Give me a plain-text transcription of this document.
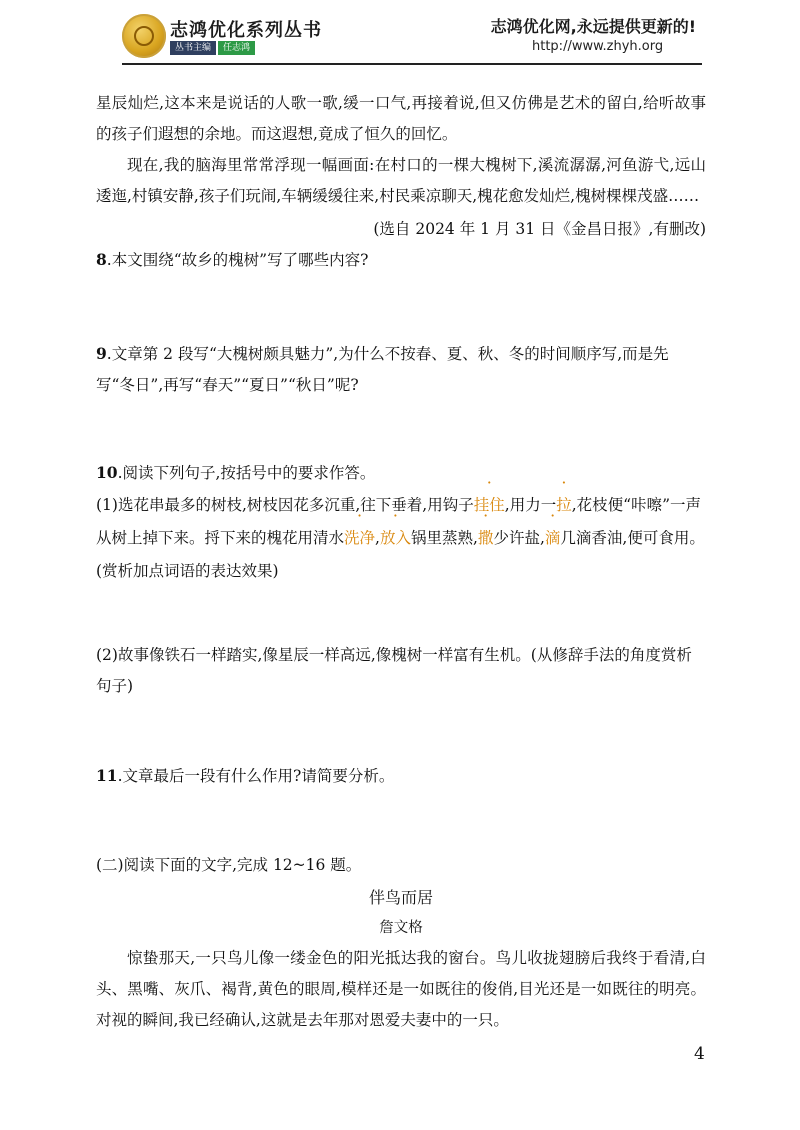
志鸿优化系列丛书
丛书主编 任志鸿
志鸿优化网,永远提供更新的!
http://www.zhyh.org

星辰灿烂,这本来是说话的人歌一歌,缓一口气,再接着说,但又仿佛是艺术的留白,给听故事的孩子们遐想的余地。而这遐想,竟成了恒久的回忆。

现在,我的脑海里常常浮现一幅画面:在村口的一棵大槐树下,溪流潺潺,河鱼游弋,远山逶迤,村镇安静,孩子们玩闹,车辆缓缓往来,村民乘凉聊天,槐花愈发灿烂,槐树棵棵茂盛……

(选自 2024 年 1 月 31 日《金昌日报》,有删改)

8.本文围绕“故乡的槐树”写了哪些内容?

9.文章第 2 段写“大槐树颇具魅力”,为什么不按春、夏、秋、冬的时间顺序写,而是先写“冬日”,再写“春天”“夏日”“秋日”呢?

10.阅读下列句子,按括号中的要求作答。

(1)选花串最多的树枝,树枝因花多沉重,往下垂着,用钩子挂住,用力一拉,花枝便“咔嚓”一声从树上掉下来。捋下来的槐花用清水洗净,放入锅里蒸熟,撒少许盐,滴几滴香油,便可食用。(赏析加点词语的表达效果)

(2)故事像铁石一样踏实,像星辰一样高远,像槐树一样富有生机。(从修辞手法的角度赏析句子)

11.文章最后一段有什么作用?请简要分析。

(二)阅读下面的文字,完成 12~16 题。

伴鸟而居

詹文格

惊蛰那天,一只鸟儿像一缕金色的阳光抵达我的窗台。鸟儿收拢翅膀后我终于看清,白头、黑嘴、灰爪、褐背,黄色的眼周,模样还是一如既往的俊俏,目光还是一如既往的明亮。对视的瞬间,我已经确认,这就是去年那对恩爱夫妻中的一只。

4
